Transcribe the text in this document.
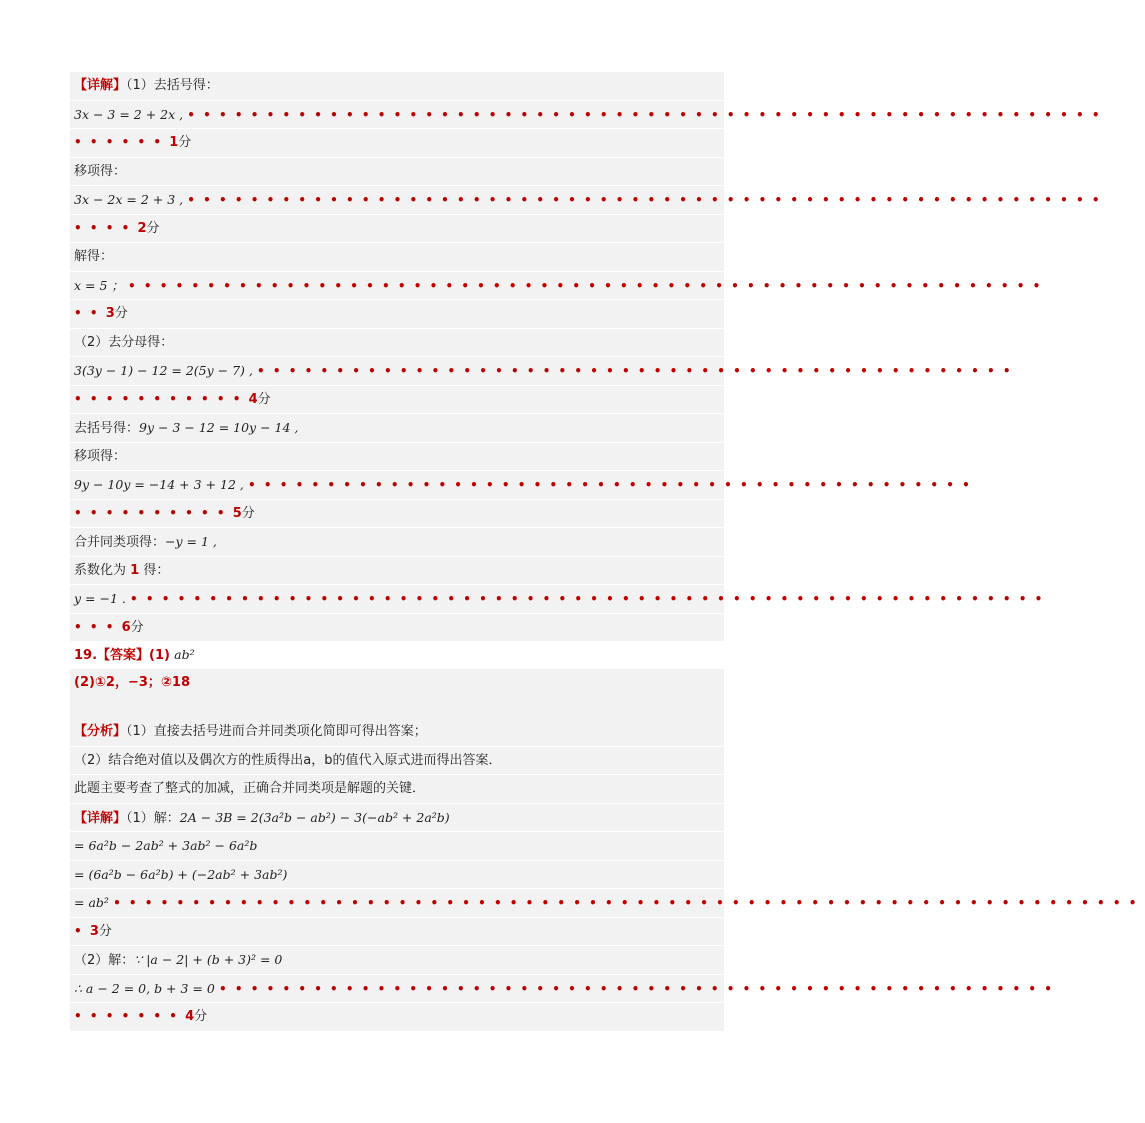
【详解】（1）去括号得：
3x − 3 = 2 + 2x , ••••••••••••••••••••••••••••••••••••••••••••••••••••••••••
••••••1分
移项得：
3x − 2x = 2 + 3 , ••••••••••••••••••••••••••••••••••••••••••••••••••••••••••
••••2分
解得：
x = 5 ； ••••••••••••••••••••••••••••••••••••••••••••••••••••••••••
••3分
（2）去分母得：
3(3y − 1) − 12 = 2(5y − 7) , ••••••••••••••••••••••••••••••••••••••••••••••••
•••••••••••4分
去括号得：9y − 3 − 12 = 10y − 14 ,
移项得：
9y − 10y = −14 + 3 + 12 , ••••••••••••••••••••••••••••••••••••••••••••••
••••••••••5分
合并同类项得：−y = 1 ,
系数化为 1 得：
y = −1 . ••••••••••••••••••••••••••••••••••••••••••••••••••••••••••
•••6分
19.【答案】(1) ab²
(2)①2，−3；②18
【分析】（1）直接去括号进而合并同类项化简即可得出答案；
（2）结合绝对值以及偶次方的性质得出a，b的值代入原式进而得出答案．
此题主要考查了整式的加减，正确合并同类项是解题的关键．
【详解】（1）解：2A − 3B = 2(3a²b − ab²) − 3(−ab² + 2a²b)
= 6a²b − 2ab² + 3ab² − 6a²b
= (6a²b − 6a²b) + (−2ab² + 3ab²)
= ab² •••••••••••••••••••••••••••••••••••••••••••••••••••••••••••••••••
•3分
（2）解：∵ |a − 2| + (b + 3)² = 0
∴ a − 2 = 0, b + 3 = 0 •••••••••••••••••••••••••••••••••••••••••••••••••••••
•••••••4分
